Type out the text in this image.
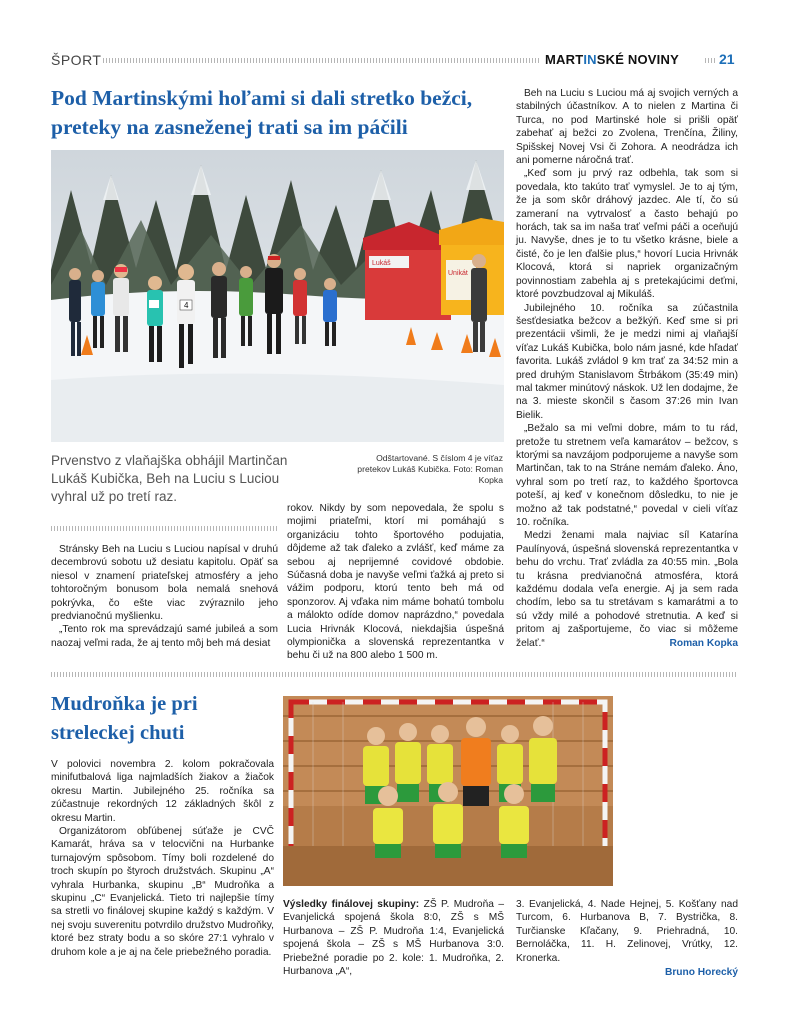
ŠPORT	MARTINSKÉ NOVINY	21
Pod Martinskými hoľami si dali stretko bežci, preteky na zasneženej trati sa im páčili
Lukáš
Unikát
4
Prvenstvo z vlaňajška obhájil Martinčan Lukáš Kubička, Beh na Luciu s Luciou vyhral už po tretí raz.
Odštartované. S číslom 4 je víťaz pretekov Lukáš Kubička. Foto: Roman Kopka

Stránsky Beh na Luciu s Luciou napísal v druhú decembrovú sobotu už desiatu kapitolu. Opäť sa niesol v znamení priateľskej atmosféry a jeho tohtoročným bonusom bola nemalá snehová pokrývka, čo ešte viac zvýraznilo jeho predvianočnú myšlienku.

„Tento rok ma sprevádzajú samé jubileá a som naozaj veľmi rada, že aj tento môj beh má desiat

rokov. Nikdy by som nepovedala, že spolu s mojimi priateľmi, ktorí mi pomáhajú s organizáciu tohto športového podujatia, dôjdeme až tak ďaleko a zvlášť, keď máme za sebou aj neprijemné covidové obdobie. Súčasná doba je navyše veľmi ťažká aj preto si vážim podporu, ktorú tento beh má od sponzorov. Aj vďaka nim máme bohatú tombolu a málokto odíde domov naprázdno,“ povedala Lucia Hrivnák Klocová, niekdajšia úspešná olympionička a slovenská reprezentantka v behu či už na 800 alebo 1 500 m.

Beh na Luciu s Luciou má aj svojich verných a stabilných účastníkov. A to nielen z Martina či Turca, no pod Martinské hole si prišli opäť zabehať aj bežci zo Zvolena, Trenčína, Žiliny, Spišskej Novej Vsi či Zohora. A neodrádza ich ani pomerne náročná trať.

„Keď som ju prvý raz odbehla, tak som si povedala, kto takúto trať vymyslel. Je to aj tým, že ja som skôr dráhový jazdec. Ale tí, čo sú zameraní na vytrvalosť a často behajú po horách, tak sa im naša trať veľmi páči a oceňujú ju. Navyše, dnes je to tu všetko krásne, biele a čisté, čo je len ďalšie plus,“ hovorí Lucia Hrivnák Klocová, ktorá si napriek organizačným povinnostiam zabehla aj s pretekajúcimi deťmi, ktoré povzbudzoval aj Mikuláš.

Jubilejného 10. ročníka sa zúčastnila šesťdesiatka bežcov a bežkýň. Keď sme si pri prezentácii všimli, že je medzi nimi aj vlaňajší víťaz Lukáš Kubička, bolo nám jasné, kde hľadať favorita. Lukáš zvládol 9 km trať za 34:52 min a pred druhým Stanislavom Štrbákom (35:49 min) mal takmer minútový náskok. Už len dodajme, že na 3. mieste skončil s časom 37:26 min Ivan Bielik.

„Bežalo sa mi veľmi dobre, mám to tu rád, pretože tu stretnem veľa kamarátov – bežcov, s ktorými sa navzájom podporujeme a navyše som Martinčan, tak to na Stráne nemám ďaleko. Áno, vyhral som po tretí raz, to každého športovca poteší, aj keď v konečnom dôsledku, to nie je možno až tak podstatné,“ povedal v cieli víťaz 10. ročníka.

Medzi ženami mala najviac síl Katarína Paulínyová, úspešná slovenská reprezentantka v behu do vrchu. Trať zvládla za 40:55 min. „Bola tu krásna predvianočná atmosféra, ktorá každému dodala veľa energie. Aj ja sem rada chodím, lebo sa tu stretávam s kamarátmi a to sú vždy milé a pohodové stretnutia. A keď si pritom aj zašportujeme, čo viac si môžeme želať.“	Roman Kopka
Mudroňka je pri streleckej chuti

V polovici novembra 2. kolom pokračovala minifutbalová liga najmladších žiakov a žiačok okresu Martin. Jubilejného 25. ročníka sa zúčastnuje rekordných 12 základných škôl z okresu Martin.

Organizátorom obľúbenej súťaže je CVČ Kamarát, hráva sa v telocvični na Hurbanke turnajovým spôsobom. Tímy boli rozdelené do troch skupín po štyroch družstvách. Skupinu „A“ vyhrala Hurbanka, skupinu „B“ Mudroňka a skupinu „C“ Evanjelická. Tieto tri najlepšie tímy sa stretli vo finálovej skupine každý s každým. V nej svoju suverenitu potvrdilo družstvo Mudroňky, ktoré bez straty bodu a so skóre 27:1 vyhralo v druhom kole a je aj na čele priebežného poradia.

Výsledky finálovej skupiny: ZŠ P. Mudroňa – Evanjelická spojená škola 8:0, ZŠ s MŠ Hurbanova – ZŠ P. Mudroňa 1:4, Evanjelická spojená škola – ZŠ s MŠ Hurbanova 3:0. Priebežné poradie po 2. kole: 1. Mudroňka, 2. Hurbanova „A“,

3. Evanjelická, 4. Nade Hejnej, 5. Košťany nad Turcom, 6. Hurbanova B, 7. Bystrička, 8. Turčianske Kľačany, 9. Priehradná, 10. Bernoláčka, 11. H. Zelinovej, Vrútky, 12. Kronerka.

Bruno Horecký
